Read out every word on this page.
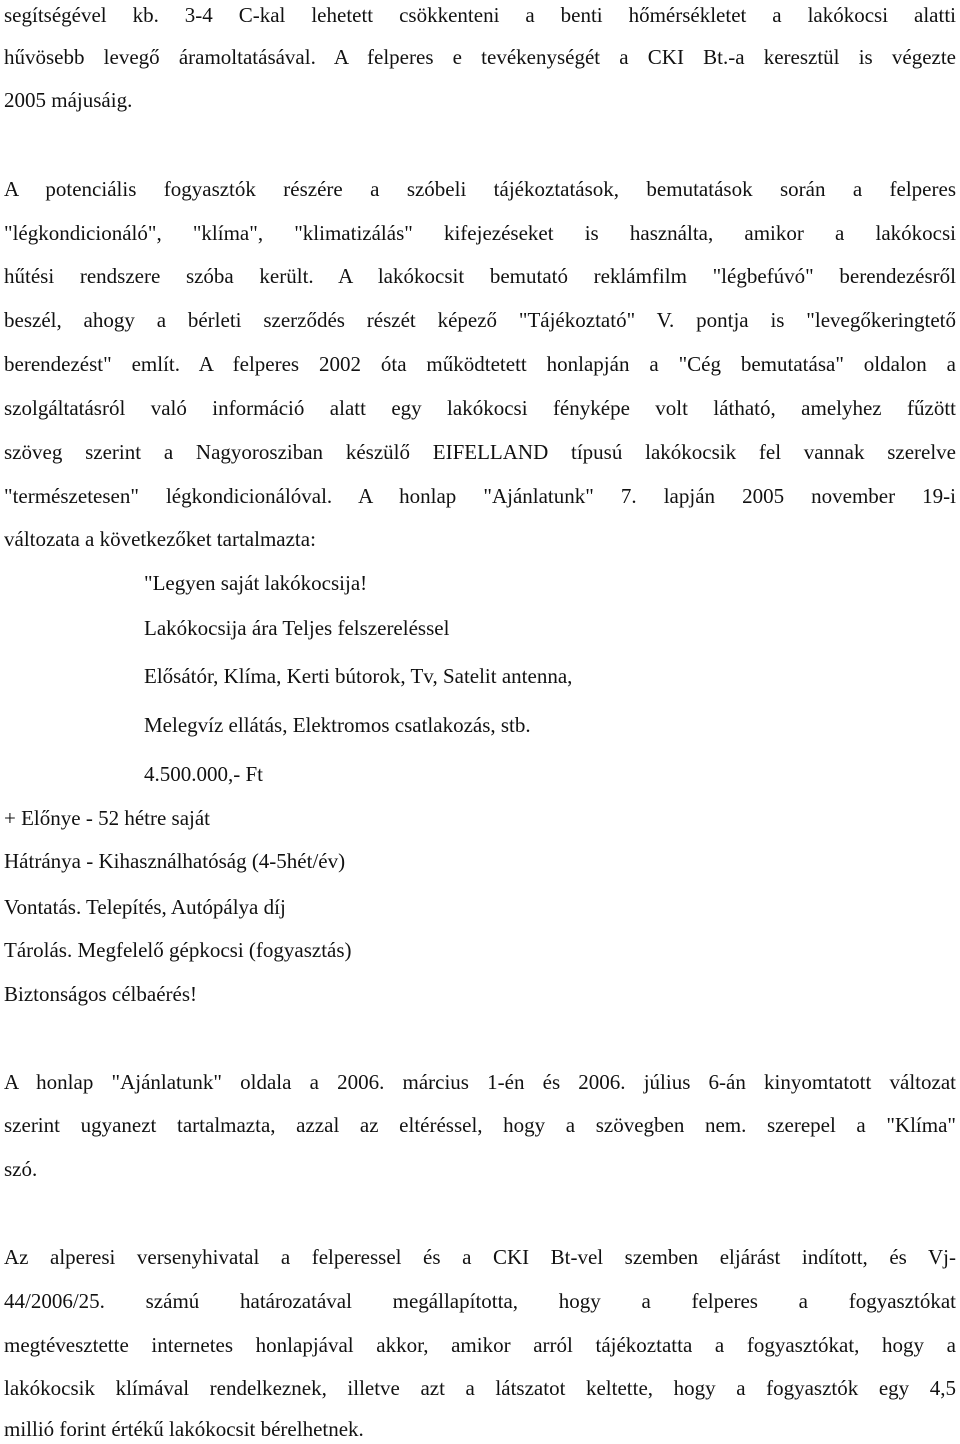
segítségével kb. 3-4 C-kal lehetett csökkenteni a benti hőmérsékletet a lakókocsi alatti
hűvösebb levegő áramoltatásával. A felperes e tevékenységét a CKI Bt.-a keresztül is végezte
2005 májusáig.
A potenciális fogyasztók részére a szóbeli tájékoztatások, bemutatások során a felperes
"légkondicionáló", "klíma", "klimatizálás" kifejezéseket is használta, amikor a lakókocsi
hűtési rendszere szóba került. A lakókocsit bemutató reklámfilm "légbefúvó" berendezésről
beszél, ahogy a bérleti szerződés részét képező "Tájékoztató" V. pontja is "levegőkeringtető
berendezést" említ. A felperes 2002 óta működtetett honlapján a "Cég bemutatása" oldalon a
szolgáltatásról való információ alatt egy lakókocsi fényképe volt látható, amelyhez fűzött
szöveg szerint a Nagyorosziban készülő EIFELLAND típusú lakókocsik fel vannak szerelve
"természetesen" légkondicionálóval. A honlap "Ajánlatunk" 7. lapján 2005 november 19-i
változata a következőket tartalmazta:
"Legyen saját lakókocsija!
Lakókocsija ára Teljes felszereléssel
Elősátór, Klíma, Kerti bútorok, Tv, Satelit antenna,
Melegvíz ellátás, Elektromos csatlakozás, stb.
4.500.000,- Ft
+ Előnye - 52 hétre saját
Hátránya - Kihasználhatóság (4-5hét/év)
Vontatás. Telepítés, Autópálya díj
Tárolás. Megfelelő gépkocsi (fogyasztás)
Biztonságos célbaérés!
A honlap "Ajánlatunk" oldala a 2006. március 1-én és 2006. július 6-án kinyomtatott változat
szerint ugyanezt tartalmazta, azzal az eltéréssel, hogy a szövegben nem. szerepel a "Klíma"
szó.
Az alperesi versenyhivatal a felperessel és a CKI Bt-vel szemben eljárást indított, és Vj-
44/2006/25. számú határozatával megállapította, hogy a felperes a fogyasztókat
megtévesztette internetes honlapjával akkor, amikor arról tájékoztatta a fogyasztókat, hogy a
lakókocsik klímával rendelkeznek, illetve azt a látszatot keltette, hogy a fogyasztók egy 4,5
millió forint értékű lakókocsit bérelhetnek.
